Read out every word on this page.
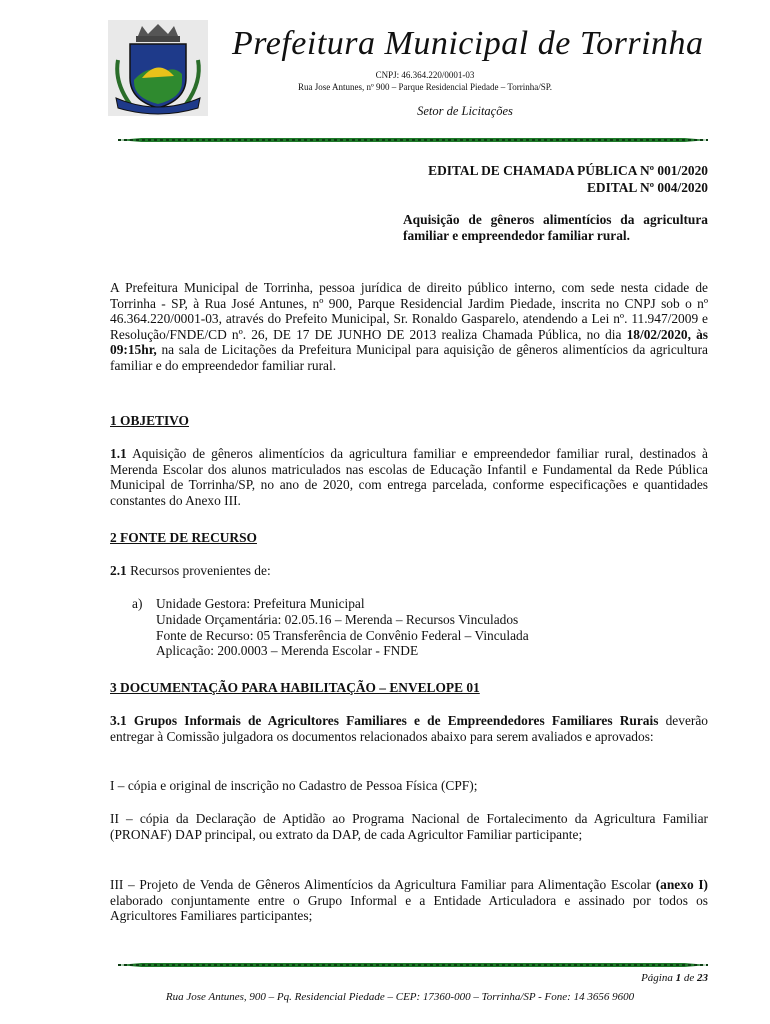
Prefeitura Municipal de Torrinha
CNPJ: 46.364.220/0001-03
Rua Jose Antunes, nº 900 – Parque Residencial Piedade – Torrinha/SP.
Setor de Licitações
EDITAL DE CHAMADA PÚBLICA Nº 001/2020
EDITAL Nº 004/2020
Aquisição de gêneros alimentícios da agricultura familiar e empreendedor familiar rural.
A Prefeitura Municipal de Torrinha, pessoa jurídica de direito público interno, com sede nesta cidade de Torrinha - SP, à Rua José Antunes, nº 900, Parque Residencial Jardim Piedade, inscrita no CNPJ sob o nº 46.364.220/0001-03, através do Prefeito Municipal, Sr. Ronaldo Gasparelo, atendendo a Lei nº. 11.947/2009 e Resolução/FNDE/CD nº. 26, DE 17 DE JUNHO DE 2013 realiza Chamada Pública, no dia 18/02/2020, às 09:15hr, na sala de Licitações da Prefeitura Municipal para aquisição de gêneros alimentícios da agricultura familiar e do empreendedor familiar rural.
1 OBJETIVO
1.1 Aquisição de gêneros alimentícios da agricultura familiar e empreendedor familiar rural, destinados à Merenda Escolar dos alunos matriculados nas escolas de Educação Infantil e Fundamental da Rede Pública Municipal de Torrinha/SP, no ano de 2020, com entrega parcelada, conforme especificações e quantidades constantes do Anexo III.
2 FONTE DE RECURSO
2.1 Recursos provenientes de:
a)	Unidade Gestora: Prefeitura Municipal
Unidade Orçamentária: 02.05.16 – Merenda – Recursos Vinculados
Fonte de Recurso: 05 Transferência de Convênio Federal – Vinculada
Aplicação: 200.0003 – Merenda Escolar - FNDE
3 DOCUMENTAÇÃO PARA HABILITAÇÃO – ENVELOPE 01
3.1 Grupos Informais de Agricultores Familiares e de Empreendedores Familiares Rurais deverão entregar à Comissão julgadora os documentos relacionados abaixo para serem avaliados e aprovados:
I – cópia e original de inscrição no Cadastro de Pessoa Física (CPF);
II – cópia da Declaração de Aptidão ao Programa Nacional de Fortalecimento da Agricultura Familiar (PRONAF) DAP principal, ou extrato da DAP, de cada Agricultor Familiar participante;
III – Projeto de Venda de Gêneros Alimentícios da Agricultura Familiar para Alimentação Escolar (anexo I) elaborado conjuntamente entre o Grupo Informal e a Entidade Articuladora e assinado por todos os Agricultores Familiares participantes;
Página 1 de 23
Rua Jose Antunes, 900 – Pq. Residencial Piedade – CEP: 17360-000 – Torrinha/SP - Fone: 14 3656 9600
